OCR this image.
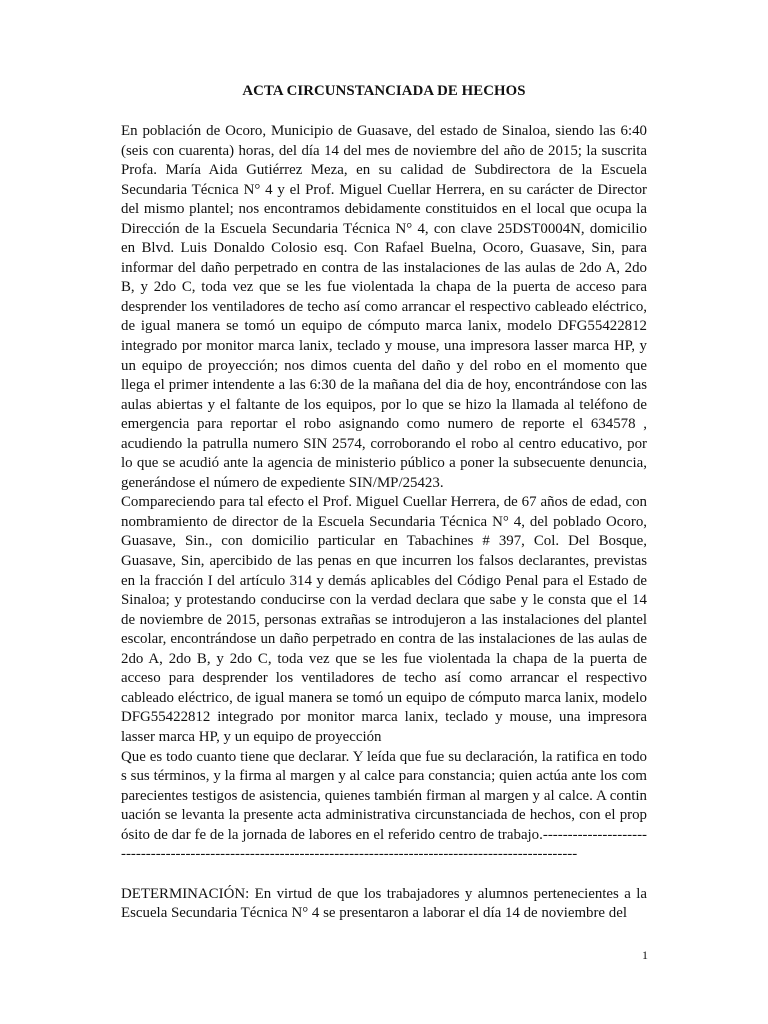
ACTA CIRCUNSTANCIADA DE HECHOS

En población de Ocoro, Municipio de Guasave, del estado de Sinaloa, siendo las 6:40 (seis con cuarenta) horas, del día 14 del mes de noviembre del año de 2015; la suscrita Profa. María Aida Gutiérrez Meza, en su calidad de Subdirectora de la Escuela Secundaria Técnica N° 4 y el Prof. Miguel Cuellar Herrera, en su carácter de Director del mismo plantel; nos encontramos debidamente constituidos en el local que ocupa la Dirección de la Escuela Secundaria Técnica N° 4, con clave 25DST0004N, domicilio en Blvd. Luis Donaldo Colosio esq. Con Rafael Buelna, Ocoro, Guasave, Sin, para informar del daño perpetrado en contra de las instalaciones de las aulas de 2do A, 2do B, y 2do C, toda vez que se les fue violentada la chapa de la puerta de acceso para desprender los ventiladores de techo así como arrancar el respectivo cableado eléctrico, de igual manera se tomó un equipo de cómputo marca lanix, modelo DFG55422812 integrado por monitor marca lanix, teclado y mouse, una impresora lasser marca HP, y un equipo de proyección; nos dimos cuenta del daño y del robo en el momento que llega el primer intendente a las 6:30 de la mañana del dia de hoy, encontrándose con las aulas abiertas y el faltante de los equipos, por lo que se hizo la llamada al teléfono de emergencia para reportar el robo asignando como numero de reporte el 634578 , acudiendo la patrulla numero SIN 2574, corroborando el robo al centro educativo, por lo que se acudió ante la agencia de ministerio público a poner la subsecuente denuncia, generándose el número de expediente SIN/MP/25423.

Compareciendo para tal efecto el Prof. Miguel Cuellar Herrera, de 67 años de edad, con nombramiento de director de la Escuela Secundaria Técnica N° 4, del poblado Ocoro, Guasave, Sin., con domicilio particular en Tabachines # 397, Col. Del Bosque, Guasave, Sin, apercibido de las penas en que incurren los falsos declarantes, previstas en la fracción I del artículo 314 y demás aplicables del Código Penal para el Estado de Sinaloa; y protestando conducirse con la verdad declara que sabe y le consta que el 14 de noviembre de 2015, personas extrañas se introdujeron a las instalaciones del plantel escolar, encontrándose un daño perpetrado en contra de las instalaciones de las aulas de 2do A, 2do B, y 2do C, toda vez que se les fue violentada la chapa de la puerta de acceso para desprender los ventiladores de techo así como arrancar el respectivo cableado eléctrico, de igual manera se tomó un equipo de cómputo marca lanix, modelo DFG55422812 integrado por monitor marca lanix, teclado y mouse, una impresora lasser marca HP, y un equipo de proyección

Que es todo cuanto tiene que declarar. Y leída que fue su declaración, la ratifica en todos sus términos, y la firma al margen y al calce para constancia; quien actúa ante los comparecientes testigos de asistencia, quienes también firman al margen y al calce. A continuación se levanta la presente acta administrativa circunstanciada de hechos, con el propósito de dar fe de la jornada de labores en el referido centro de trabajo.-----------------------------------------------------------------------------------------------------------------

DETERMINACIÓN: En virtud de que los trabajadores y alumnos pertenecientes a la Escuela Secundaria Técnica N° 4 se presentaron a laborar el día 14 de noviembre del

1
